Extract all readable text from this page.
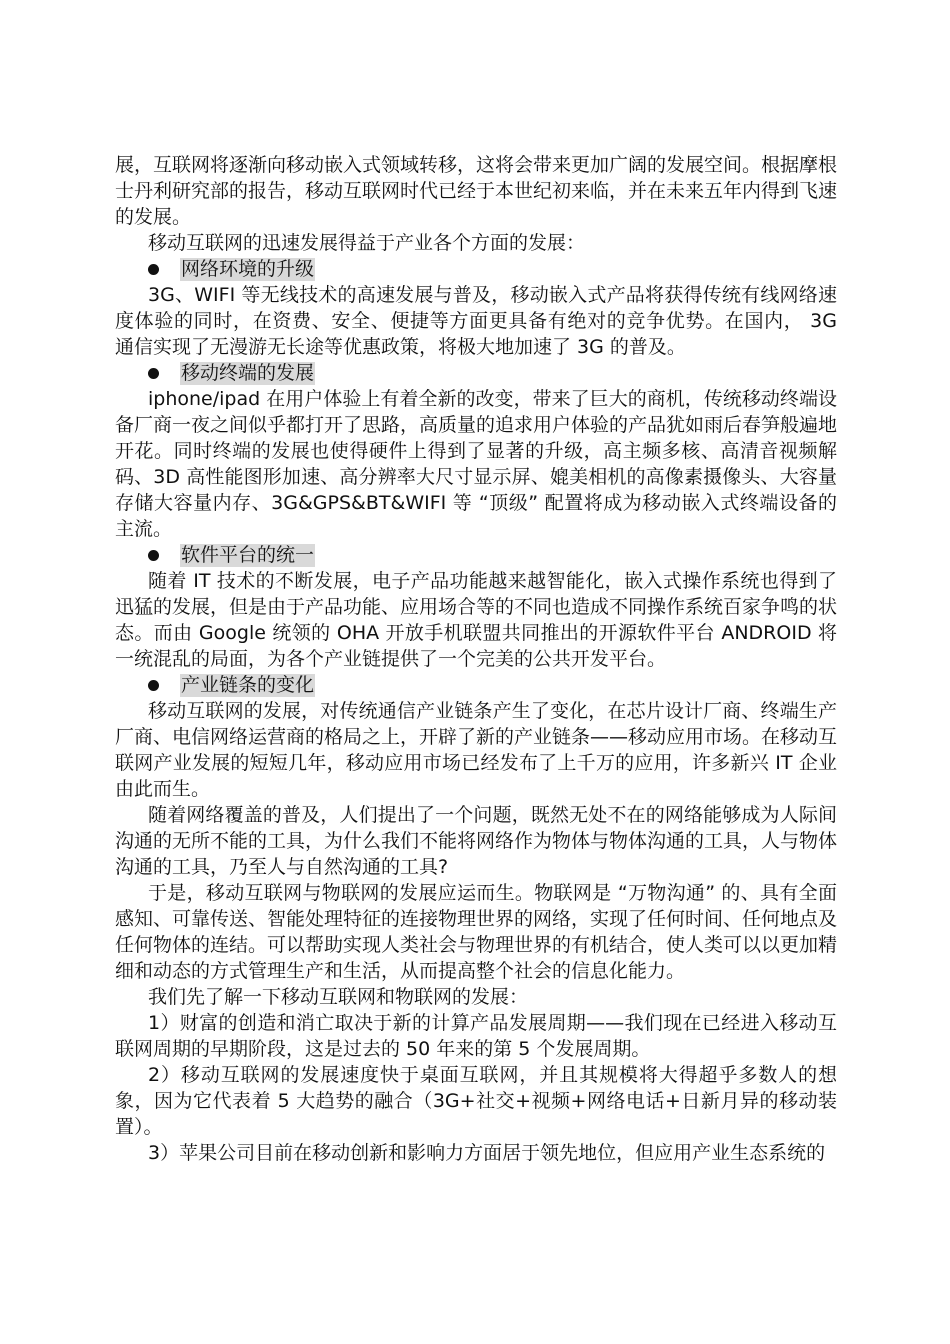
展，互联网将逐渐向移动嵌入式领域转移，这将会带来更加广阔的发展空间。根据摩根士丹利研究部的报告，移动互联网时代已经于本世纪初来临，并在未来五年内得到飞速的发展。

移动互联网的迅速发展得益于产业各个方面的发展：

网络环境的升级

3G、WIFI 等无线技术的高速发展与普及，移动嵌入式产品将获得传统有线网络速度体验的同时，在资费、安全、便捷等方面更具备有绝对的竞争优势。在国内， 3G 通信实现了无漫游无长途等优惠政策，将极大地加速了 3G 的普及。

移动终端的发展

iphone/ipad 在用户体验上有着全新的改变，带来了巨大的商机，传统移动终端设备厂商一夜之间似乎都打开了思路，高质量的追求用户体验的产品犹如雨后春笋般遍地开花。同时终端的发展也使得硬件上得到了显著的升级，高主频多核、高清音视频解码、3D 高性能图形加速、高分辨率大尺寸显示屏、媲美相机的高像素摄像头、大容量存储大容量内存、3G&GPS&BT&WIFI 等 “顶级” 配置将成为移动嵌入式终端设备的主流。

软件平台的统一

随着 IT 技术的不断发展，电子产品功能越来越智能化，嵌入式操作系统也得到了迅猛的发展，但是由于产品功能、应用场合等的不同也造成不同操作系统百家争鸣的状态。而由 Google 统领的 OHA 开放手机联盟共同推出的开源软件平台 ANDROID 将一统混乱的局面，为各个产业链提供了一个完美的公共开发平台。

产业链条的变化

移动互联网的发展，对传统通信产业链条产生了变化，在芯片设计厂商、终端生产厂商、电信网络运营商的格局之上，开辟了新的产业链条——移动应用市场。在移动互联网产业发展的短短几年，移动应用市场已经发布了上千万的应用，许多新兴 IT 企业由此而生。

随着网络覆盖的普及，人们提出了一个问题，既然无处不在的网络能够成为人际间沟通的无所不能的工具，为什么我们不能将网络作为物体与物体沟通的工具，人与物体沟通的工具，乃至人与自然沟通的工具?

于是，移动互联网与物联网的发展应运而生。物联网是 “万物沟通” 的、具有全面感知、可靠传送、智能处理特征的连接物理世界的网络，实现了任何时间、任何地点及任何物体的连结。可以帮助实现人类社会与物理世界的有机结合，使人类可以以更加精细和动态的方式管理生产和生活，从而提高整个社会的信息化能力。

我们先了解一下移动互联网和物联网的发展：

1）财富的创造和消亡取决于新的计算产品发展周期——我们现在已经进入移动互联网周期的早期阶段，这是过去的 50 年来的第 5 个发展周期。

2）移动互联网的发展速度快于桌面互联网，并且其规模将大得超乎多数人的想象，因为它代表着 5 大趋势的融合（3G+社交+视频+网络电话+日新月异的移动装置）。

3）苹果公司目前在移动创新和影响力方面居于领先地位，但应用产业生态系统的
